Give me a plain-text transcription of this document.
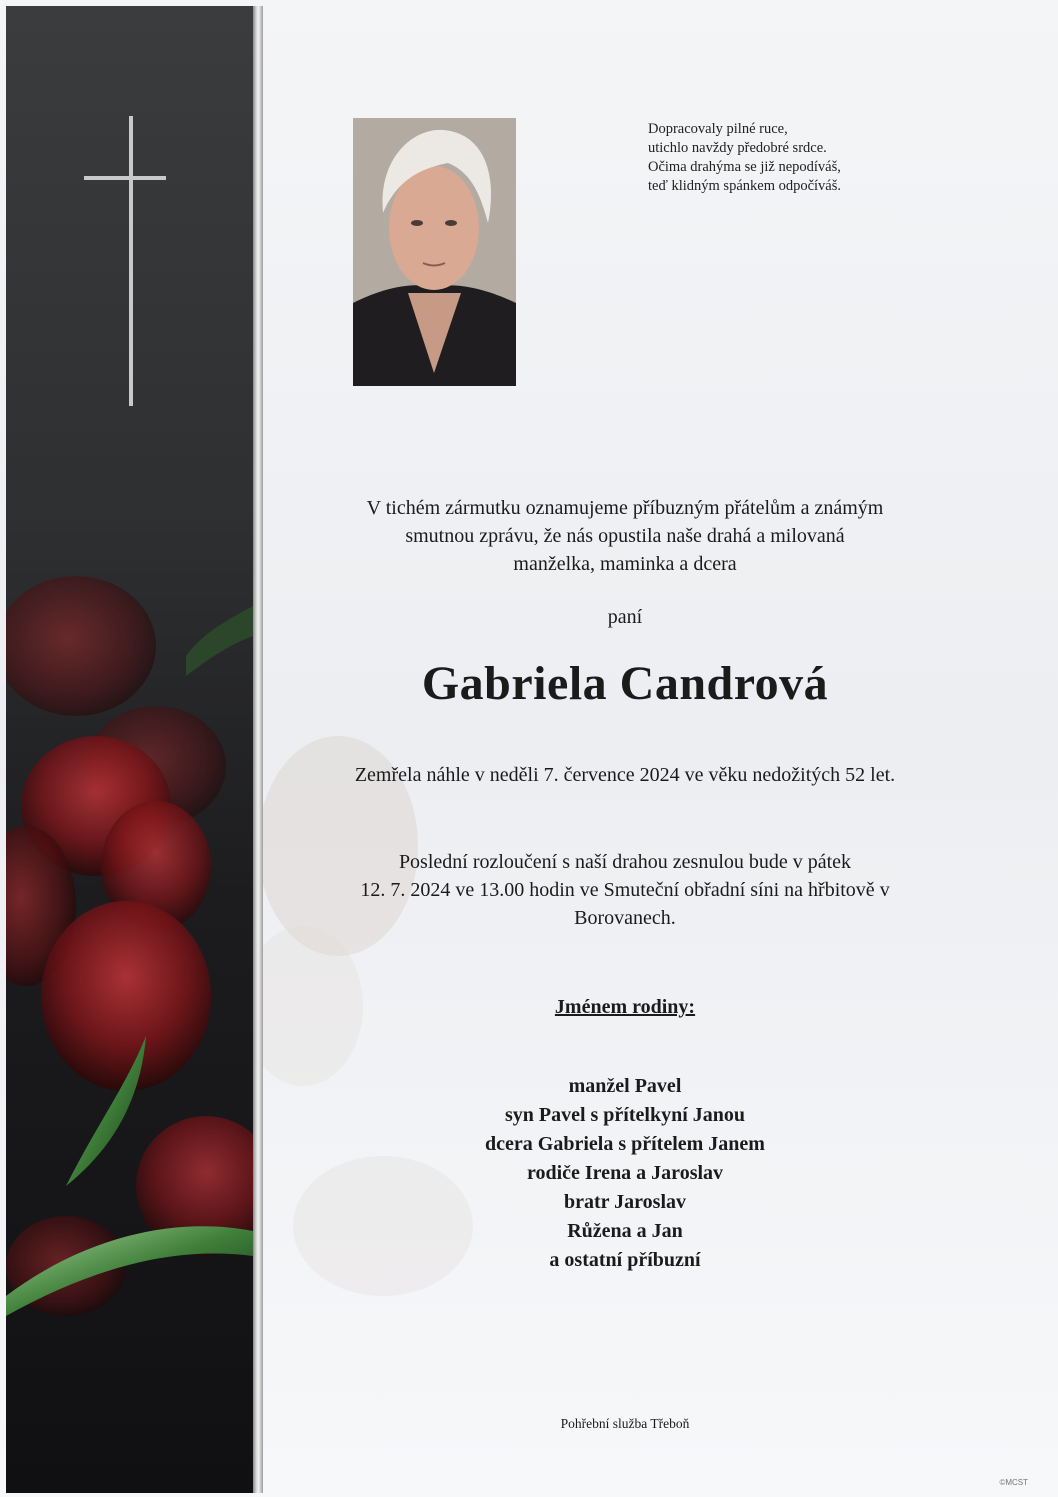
Dopracovaly pilné ruce,
utichlo navždy předobré srdce.
Očima drahýma se již nepodíváš,
teď klidným spánkem odpočíváš.
V tichém zármutku oznamujeme příbuzným přátelům a známým
smutnou zprávu, že nás opustila naše drahá a milovaná
manželka, maminka a dcera
paní
Gabriela Candrová
Zemřela náhle v neděli 7. července 2024 ve věku nedožitých 52 let.
Poslední rozloučení s naší drahou zesnulou bude v pátek
12. 7. 2024 ve 13.00 hodin ve Smuteční obřadní síni na hřbitově v
Borovanech.
Jménem rodiny:
manžel Pavel
syn Pavel s přítelkyní Janou
dcera Gabriela s přítelem Janem
rodiče Irena a Jaroslav
bratr Jaroslav
Růžena a Jan
a ostatní příbuzní
Pohřební služba Třeboň
©MCST
